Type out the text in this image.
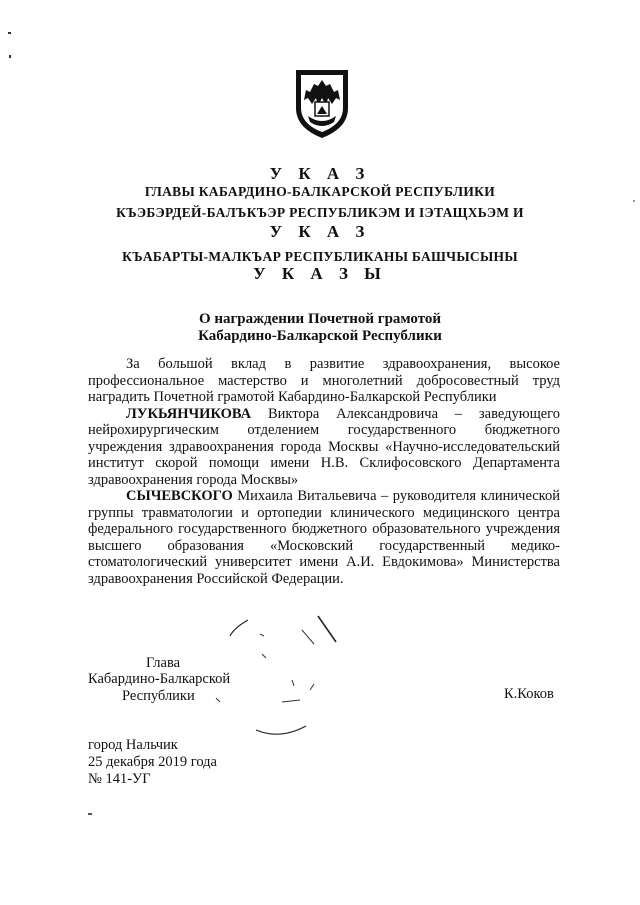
У К А З
ГЛАВЫ КАБАРДИНО-БАЛКАРСКОЙ РЕСПУБЛИКИ
КЪЭБЭРДЕЙ-БАЛЪКЪЭР РЕСПУБЛИКЭМ И IЭТАЩХЬЭМ И
У К А З
КЪАБАРТЫ-МАЛКЪАР РЕСПУБЛИКАНЫ БАШЧЫСЫНЫ
У К А З Ы
О награждении Почетной грамотой
Кабардино-Балкарской Республики

За большой вклад в развитие здравоохранения, высокое профессиональное мастерство и многолетний добросовестный труд наградить Почетной грамотой Кабардино-Балкарской Республики

ЛУКЬЯНЧИКОВА Виктора Александровича – заведующего нейрохирургическим отделением государственного бюджетного учреждения здравоохранения города Москвы «Научно-исследовательский институт скорой помощи имени Н.В. Склифосовского Департамента здравоохранения города Москвы»

СЫЧЕВСКОГО Михаила Витальевича – руководителя клинической группы травматологии и ортопедии клинического медицинского центра федерального государственного бюджетного образовательного учреждения высшего образования «Московский государственный медико-стоматологический университет имени А.И. Евдокимова» Министерства здравоохранения Российской Федерации.

Глава
Кабардино-Балкарской
Республики	К.Коков
город Нальчик
25 декабря 2019 года
№ 141-УГ
